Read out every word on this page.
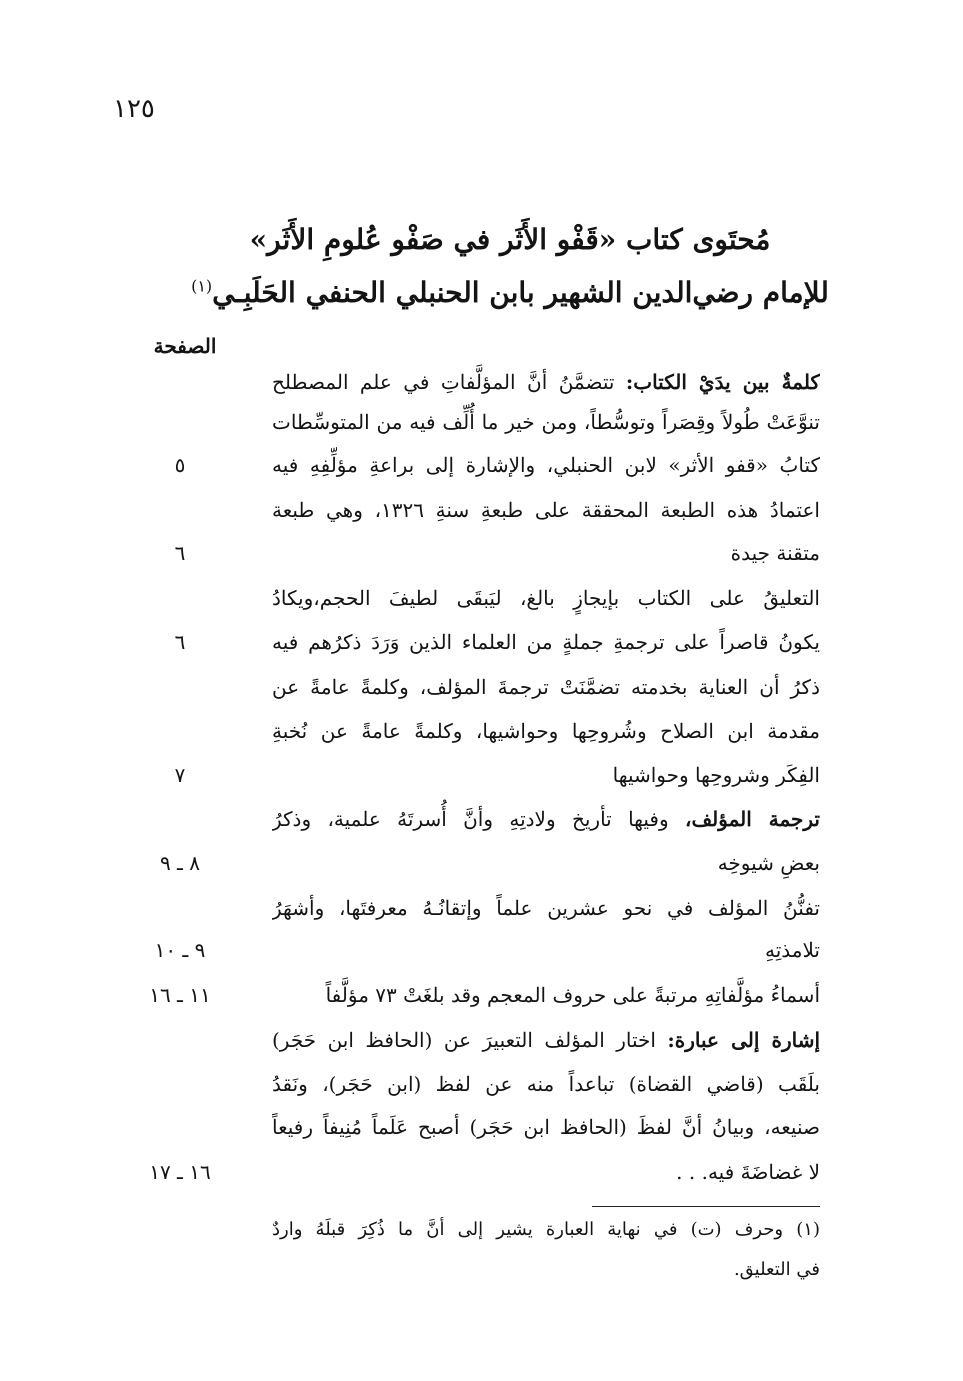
١٢٥
مُحتَوى كتاب «قَفْو الأَثَر في صَفْو عُلومِ الأَثَر»
للإمام رضي‌الدين الشهير بابن الحنبلي الحنفي الحَلَبِـي$^{(١)}$
الصفحة
كلمةٌ بين يدَيْ الكتاب: تتضمَّنُ أنَّ المؤلَّفاتِ في علم المصطلح
تنوَّعَتْ طُولاً وقِصَراً وتوسُّطاً، ومن خير ما أُلِّف فيه من المتوسِّطات
كتابُ «قفو الأثر» لابن الحنبلي، والإشارة إلى براعةِ مؤلِّفِهِ فيه
٥
اعتمادُ هذه الطبعة المحققة على طبعةِ سنةِ ١٣٢٦، وهي طبعة
متقنة جيدة
٦
التعليقُ على الكتاب بإيجازٍ بالغ، ليَبقَى لطيفَ الحجم،ويكادُ
يكونُ قاصراً على ترجمةِ جملةٍ من العلماء الذين وَرَدَ ذكرُهم فيه
٦
ذكرُ أن العناية بخدمته تضمَّنَتْ ترجمةَ المؤلف، وكلمةً عامةً عن
مقدمة ابن الصلاح وشُروحِها وحواشيها، وكلمةً عامةً عن نُخبةِ
الفِكَر وشروحِها وحواشيها
٧
ترجمة المؤلف، وفيها تأريخ ولادتِهِ وأنَّ أُسرتَهُ علمية، وذكرُ
بعضِ شيوخِه
٨ ـ ٩
تفنُّنُ المؤلف في نحو عشرين علماً وإتقانُـهُ معرفتَها، وأشهَرُ
تلامذتِهِ
٩ ـ ١٠
أسماءُ مؤلَّفاتِهِ مرتبةً على حروف المعجم وقد بلغَتْ ٧٣ مؤلَّفاً
١١ ـ ١٦
إشارة إلى عبارة: اختار المؤلف التعبيرَ عن (الحافظ ابن حَجَر)
بلَقَب (قاضي القضاة) تباعداً منه عن لفظ (ابن حَجَر)، ونَقدُ
صنيعه، وبيانُ أنَّ لفظَ (الحافظ ابن حَجَر) أصبح عَلَماً مُنِيفاً رفيعاً
لا غضاضَةَ فيه. . .
١٦ ـ ١٧
(١) وحرف (ت) في نهاية العبارة يشير إلى أنَّ ما ذُكِرَ قبلَهُ واردٌ
في التعليق.
